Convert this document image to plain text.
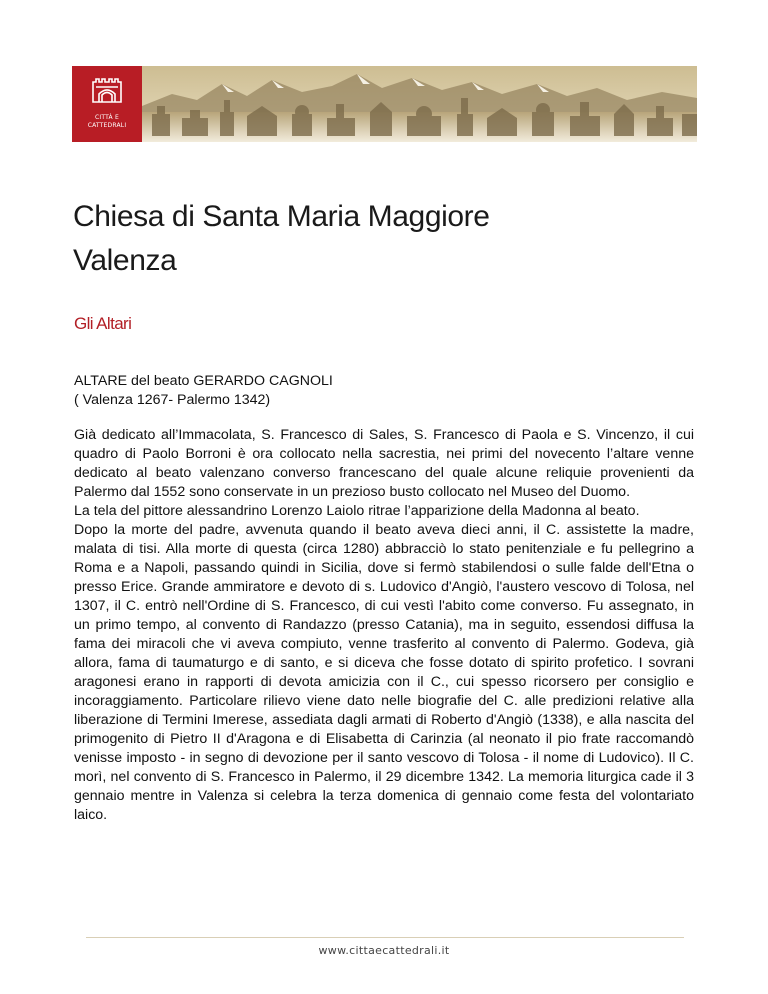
CITTÀ E
CATTEDRALI
Chiesa di Santa Maria Maggiore
Valenza
Gli Altari

ALTARE del beato GERARDO CAGNOLI
( Valenza 1267- Palermo 1342)

Già dedicato all’Immacolata, S. Francesco di Sales, S. Francesco di Paola e S. Vincenzo, il cui quadro di Paolo Borroni è ora collocato nella sacrestia, nei primi del novecento l’altare venne dedicato al beato valenzano converso francescano del quale alcune reliquie provenienti da Palermo dal 1552 sono conservate in un prezioso busto collocato nel Museo del Duomo.

La tela del pittore alessandrino Lorenzo Laiolo ritrae l’apparizione della Madonna al beato.

Dopo la morte del padre, avvenuta quando il beato aveva dieci anni, il C. assistette la madre, malata di tisi. Alla morte di questa (circa 1280) abbracciò lo stato penitenziale e fu pellegrino a Roma e a Napoli, passando quindi in Sicilia, dove si fermò stabilendosi o sulle falde dell'Etna o presso Erice. Grande ammiratore e devoto di s. Ludovico d'Angiò, l'austero vescovo di Tolosa, nel 1307, il C. entrò nell'Ordine di S. Francesco, di cui vestì l'abito come converso. Fu assegnato, in un primo tempo, al convento di Randazzo (presso Catania), ma in seguito, essendosi diffusa la fama dei miracoli che vi aveva compiuto, venne trasferito al convento di Palermo. Godeva, già allora, fama di taumaturgo e di santo, e si diceva che fosse dotato di spirito profetico. I sovrani aragonesi erano in rapporti di devota amicizia con il C., cui spesso ricorsero per consiglio e incoraggiamento. Particolare rilievo viene dato nelle biografie del C. alle predizioni relative alla liberazione di Termini Imerese, assediata dagli armati di Roberto d'Angiò (1338), e alla nascita del primogenito di Pietro II d'Aragona e di Elisabetta di Carinzia (al neonato il pio frate raccomandò venisse imposto - in segno di devozione per il santo vescovo di Tolosa - il nome di Ludovico). Il C. morì, nel convento di S. Francesco in Palermo, il 29 dicembre 1342. La memoria liturgica cade il 3 gennaio mentre in Valenza si celebra la terza domenica di gennaio come festa del volontariato laico.

www.cittaecattedrali.it
